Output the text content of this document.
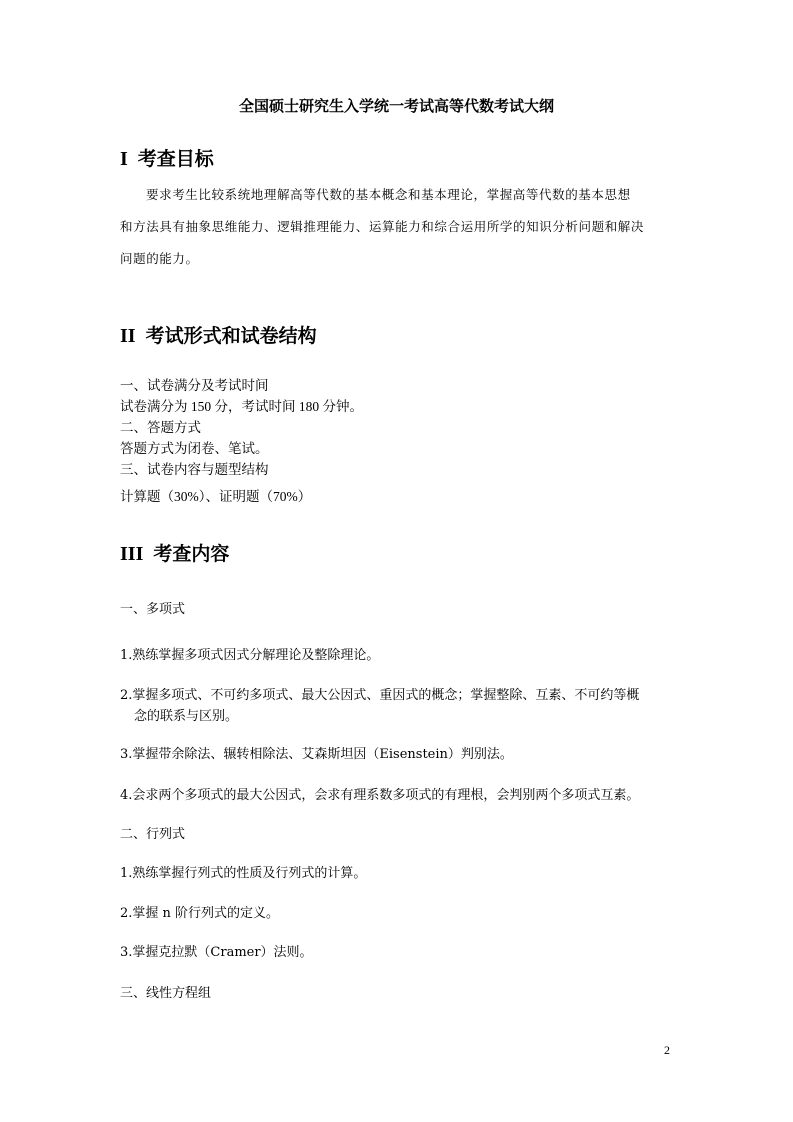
全国硕士研究生入学统一考试高等代数考试大纲
I 考查目标
要求考生比较系统地理解高等代数的基本概念和基本理论，掌握高等代数的基本思想
和方法具有抽象思维能力、逻辑推理能力、运算能力和综合运用所学的知识分析问题和解决
问题的能力。
II 考试形式和试卷结构
一、试卷满分及考试时间
试卷满分为 150 分，考试时间 180 分钟。
二、答题方式
答题方式为闭卷、笔试。
三、试卷内容与题型结构
计算题（30%）、证明题（70%）
III 考查内容
一、多项式
1.熟练掌握多项式因式分解理论及整除理论。
2.掌握多项式、不可约多项式、最大公因式、重因式的概念；掌握整除、互素、不可约等概
念的联系与区别。
3.掌握带余除法、辗转相除法、艾森斯坦因（Eisenstein）判别法。
4.会求两个多项式的最大公因式，会求有理系数多项式的有理根，会判别两个多项式互素。
二、行列式
1.熟练掌握行列式的性质及行列式的计算。
2.掌握 n 阶行列式的定义。
3.掌握克拉默（Cramer）法则。
三、线性方程组
2
